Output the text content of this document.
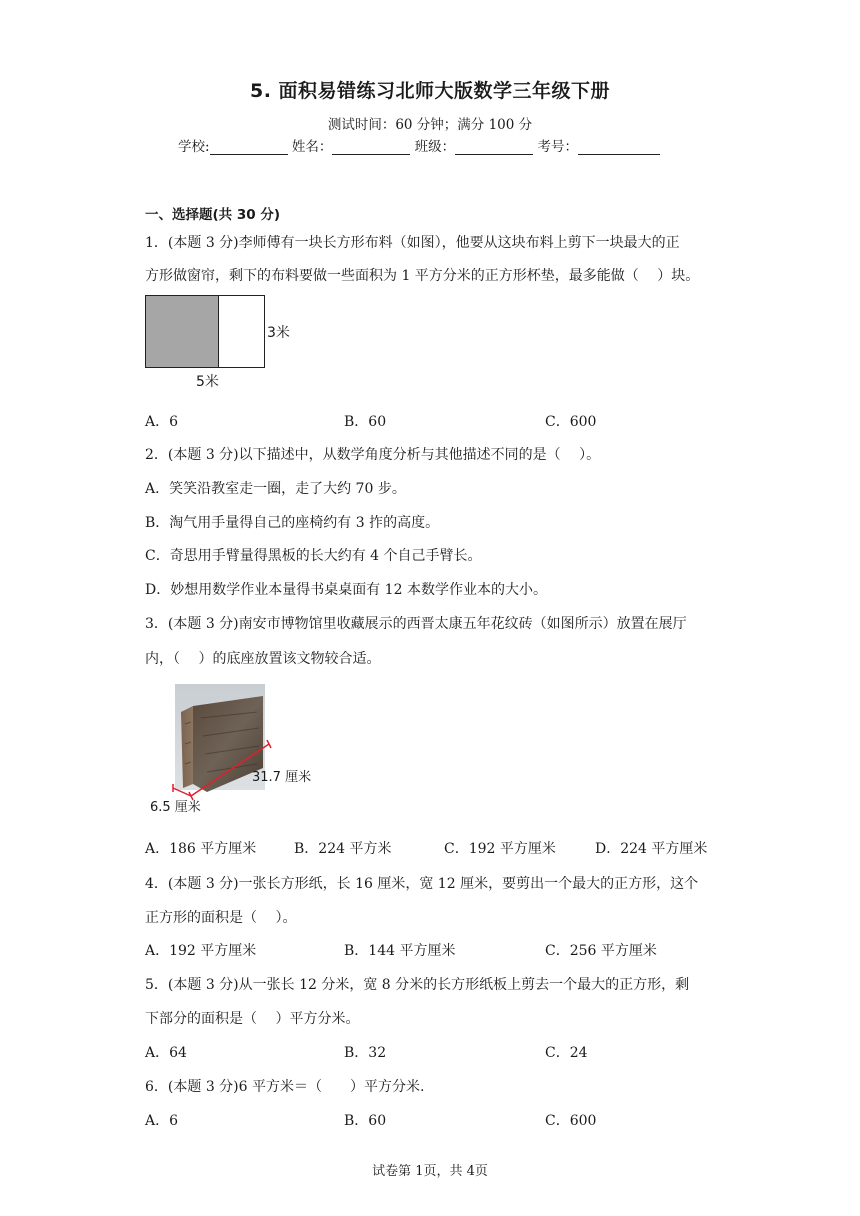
5. 面积易错练习北师大版数学三年级下册
测试时间：60 分钟；满分 100 分
学校:	姓名：	班级：	考号：
一、选择题(共 30 分)
1．(本题 3 分)李师傅有一块长方形布料（如图），他要从这块布料上剪下一块最大的正
方形做窗帘，剩下的布料要做一些面积为 1 平方分米的正方形杯垫，最多能做（　 ）块。
3米
5米
A．6	B．60	C．600
2．(本题 3 分)以下描述中，从数学角度分析与其他描述不同的是（　 ）。
A．笑笑沿教室走一圈，走了大约 70 步。
B．淘气用手量得自己的座椅约有 3 拃的高度。
C．奇思用手臂量得黑板的长大约有 4 个自己手臂长。
D．妙想用数学作业本量得书桌桌面有 12 本数学作业本的大小。
3．(本题 3 分)南安市博物馆里收藏展示的西晋太康五年花纹砖（如图所示）放置在展厅
内，（　 ）的底座放置该文物较合适。
31.7 厘米
6.5 厘米
A．186 平方厘米	B．224 平方米	C．192 平方厘米	D．224 平方厘米
4．(本题 3 分)一张长方形纸，长 16 厘米，宽 12 厘米，要剪出一个最大的正方形，这个
正方形的面积是（　 ）。
A．192 平方厘米	B．144 平方厘米	C．256 平方厘米
5．(本题 3 分)从一张长 12 分米，宽 8 分米的长方形纸板上剪去一个最大的正方形，剩
下部分的面积是（　 ）平方分米。
A．64	B．32	C．24
6．(本题 3 分)6 平方米＝（　　）平方分米.
A．6	B．60	C．600
试卷第 1页，共 4页
